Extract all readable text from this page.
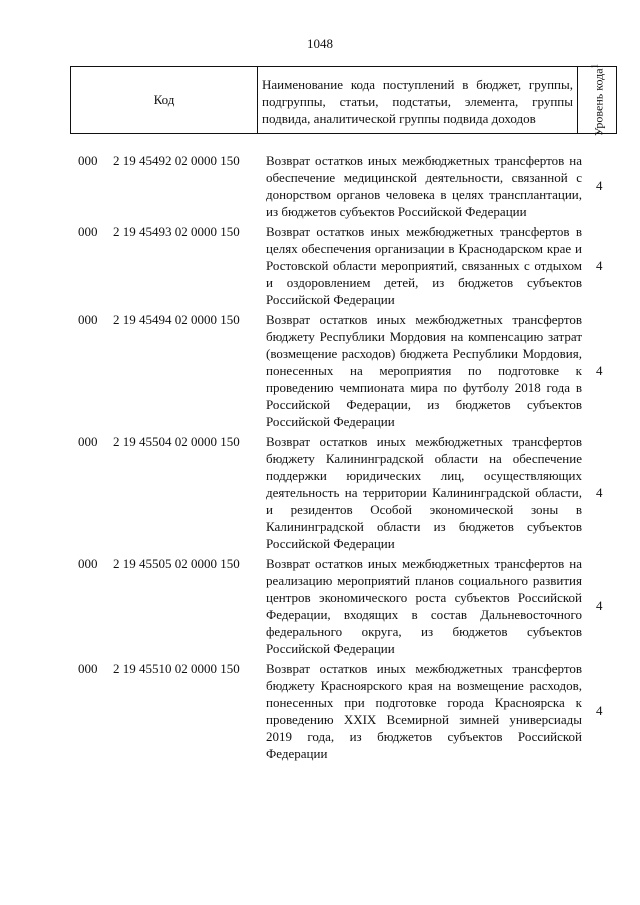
1048
Код	Наименование кода поступлений в бюджет, группы, подгруппы, статьи, подстатьи, элемента, группы подвида, аналитической группы подвида доходов	Уровень кода$^1$
000 2 19 45492 02 0000 150 Возврат остатков иных межбюджетных трансфертов на обеспечение медицинской деятельности, связанной с донорством органов человека в целях трансплантации, из бюджетов субъектов Российской Федерации
4
000 2 19 45493 02 0000 150 Возврат остатков иных межбюджетных трансфертов в целях обеспечения организации в Краснодарском крае и Ростовской области мероприятий, связанных с отдыхом и оздоровлением детей, из бюджетов субъектов Российской Федерации
4
000 2 19 45494 02 0000 150 Возврат остатков иных межбюджетных трансфертов бюджету Республики Мордовия на компенсацию затрат (возмещение расходов) бюджета Республики Мордовия, понесенных на мероприятия по подготовке к проведению чемпионата мира по футболу 2018 года в Российской Федерации, из бюджетов субъектов Российской Федерации
4
000 2 19 45504 02 0000 150 Возврат остатков иных межбюджетных трансфертов бюджету Калининградской области на обеспечение поддержки юридических лиц, осуществляющих деятельность на территории Калининградской области, и резидентов Особой экономической зоны в Калининградской области из бюджетов субъектов Российской Федерации
4
000 2 19 45505 02 0000 150 Возврат остатков иных межбюджетных трансфертов на реализацию мероприятий планов социального развития центров экономического роста субъектов Российской Федерации, входящих в состав Дальневосточного федерального округа, из бюджетов субъектов Российской Федерации
4
000 2 19 45510 02 0000 150 Возврат остатков иных межбюджетных трансфертов бюджету Красноярского края на возмещение расходов, понесенных при подготовке города Красноярска к проведению XXIX Всемирной зимней универсиады 2019 года, из бюджетов субъектов Российской Федерации
4
